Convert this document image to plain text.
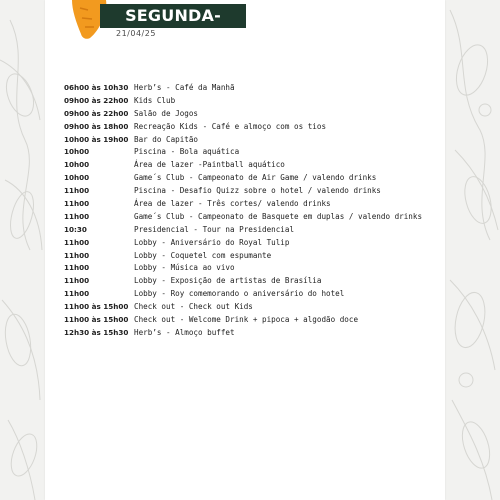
SEGUNDA-FEIRA
21/04/25
06h00 às 10h30 Herb’s - Café da Manhã
09h00 às 22h00 Kids Club
09h00 às 22h00 Salão de Jogos
09h00 às 18h00 Recreação Kids - Café e almoço com os tios
10h00 às 19h00 Bar do Capitão
10h00	Piscina - Bola aquática
10h00	Área de lazer -Paintball aquático
10h00	Game´s Club - Campeonato de Air Game / valendo drinks
11h00	Piscina - Desafio Quizz sobre o hotel / valendo drinks
11h00	Área de lazer - Três cortes/ valendo drinks
11h00	Game´s Club - Campeonato de Basquete em duplas / valendo drinks
10:30	Presidencial - Tour na Presidencial
11h00	Lobby - Aniversário do Royal Tulip
11h00	Lobby - Coquetel com espumante
11h00	Lobby - Música ao vivo
11h00	Lobby - Exposição de artistas de Brasília
11h00	Lobby - Roy comemorando o aniversário do hotel
11h00 às 15h00 Check out - Check out Kids
11h00 às 15h00 Check out - Welcome Drink + pipoca + algodão doce
12h30 às 15h30 Herb’s - Almoço buffet
